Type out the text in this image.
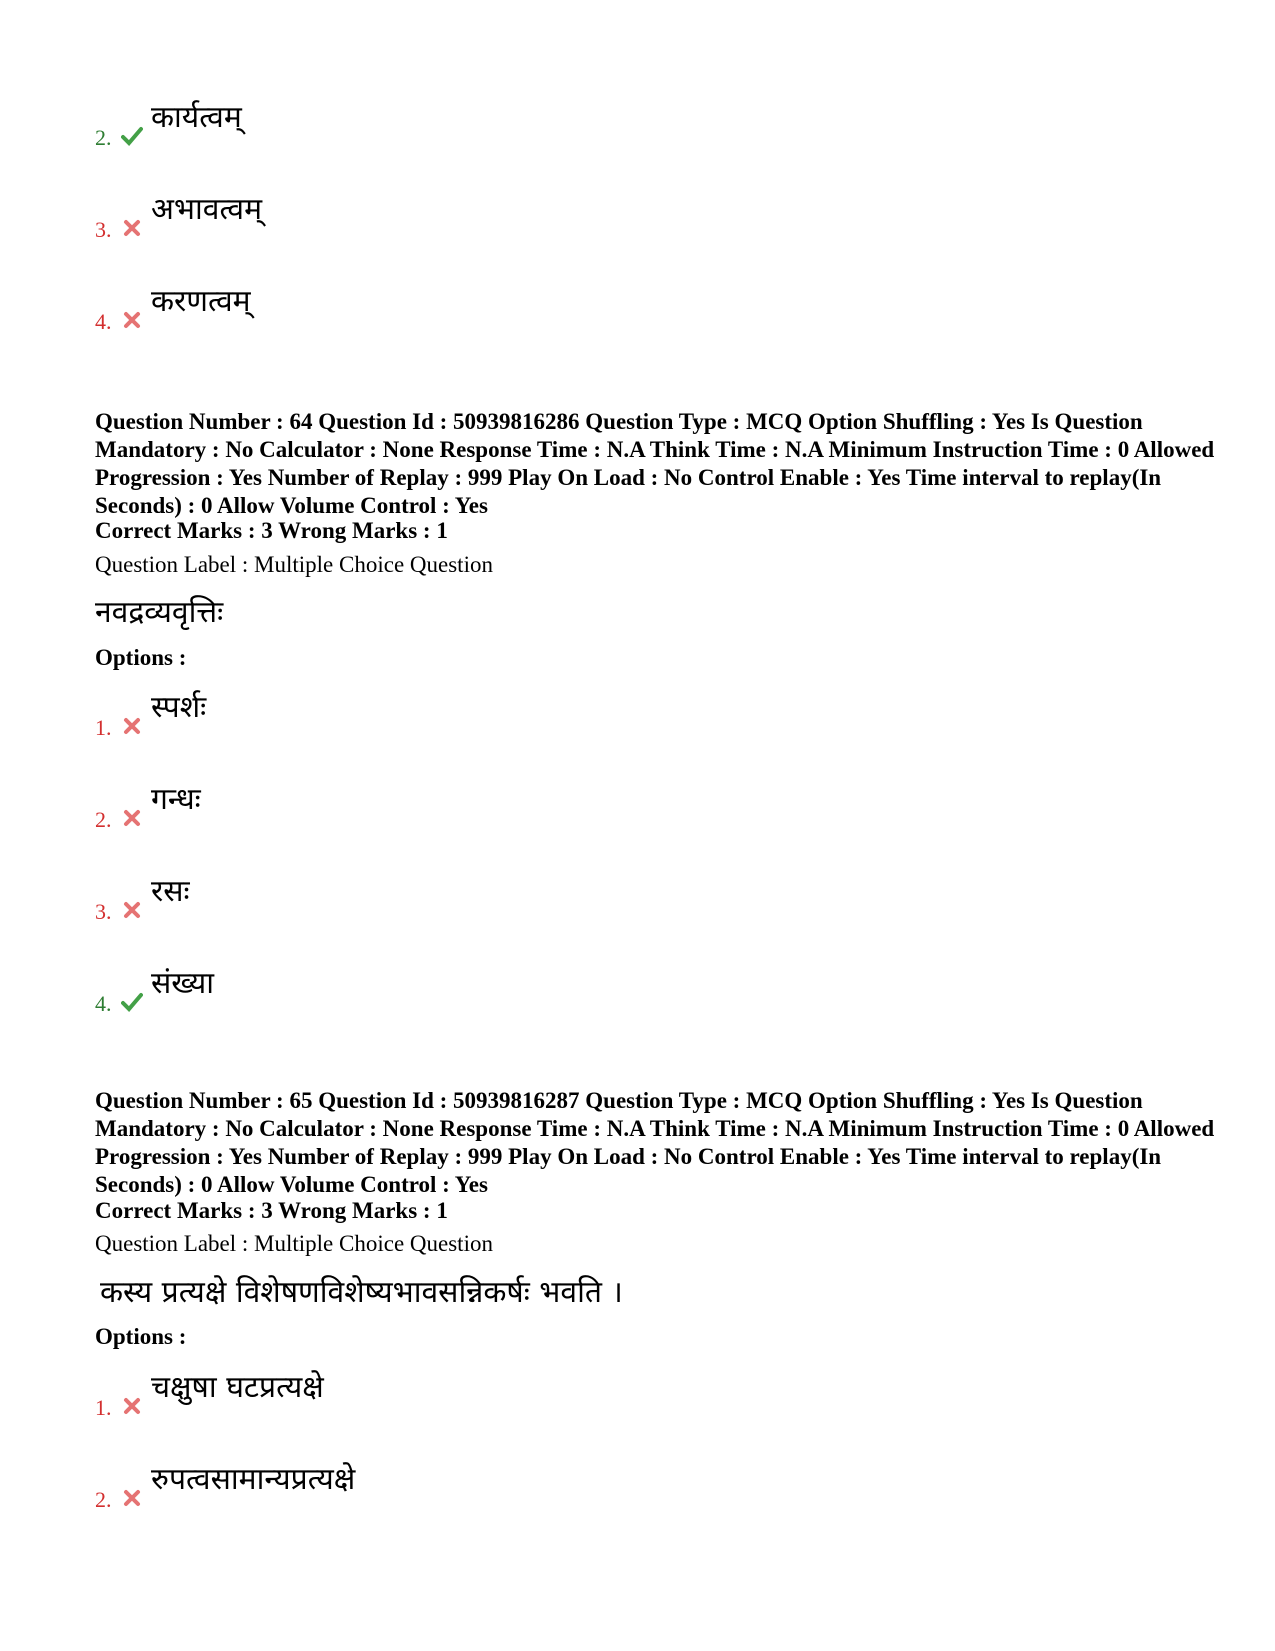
2.
कार्यत्वम्
3.
अभावत्वम्
4.
करणत्वम्
Question Number : 64 Question Id : 50939816286 Question Type : MCQ Option Shuffling : Yes Is Question Mandatory : No Calculator : None Response Time : N.A Think Time : N.A Minimum Instruction Time : 0 Allowed Progression : Yes Number of Replay : 999 Play On Load : No Control Enable : Yes Time interval to replay(In Seconds) : 0 Allow Volume Control : Yes
Correct Marks : 3 Wrong Marks : 1
Question Label : Multiple Choice Question
नवद्रव्यवृत्तिः
Options :
1.
स्पर्शः
2.
गन्धः
3.
रसः
4.
संख्या
Question Number : 65 Question Id : 50939816287 Question Type : MCQ Option Shuffling : Yes Is Question Mandatory : No Calculator : None Response Time : N.A Think Time : N.A Minimum Instruction Time : 0 Allowed Progression : Yes Number of Replay : 999 Play On Load : No Control Enable : Yes Time interval to replay(In Seconds) : 0 Allow Volume Control : Yes
Correct Marks : 3 Wrong Marks : 1
Question Label : Multiple Choice Question
कस्य प्रत्यक्षे विशेषणविशेष्यभावसन्निकर्षः भवति ।
Options :
1.
चक्षुषा घटप्रत्यक्षे
2.
रुपत्वसामान्यप्रत्यक्षे
